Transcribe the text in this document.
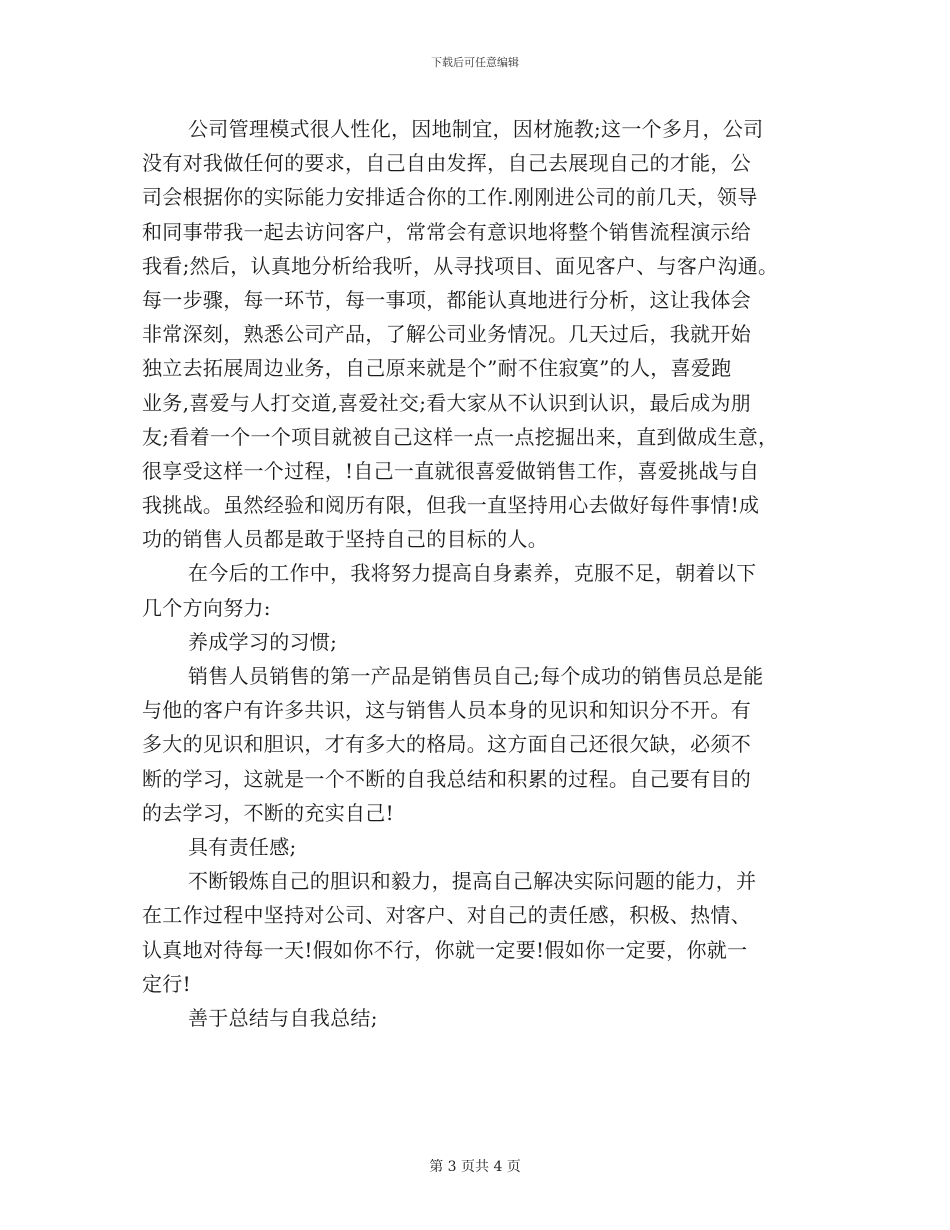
下载后可任意编辑
公司管理模式很人性化，因地制宜，因材施教;这一个多月，公司
没有对我做任何的要求，自己自由发挥，自己去展现自己的才能，公
司会根据你的实际能力安排适合你的工作.刚刚进公司的前几天，领导
和同事带我一起去访问客户，常常会有意识地将整个销售流程演示给
我看;然后，认真地分析给我听，从寻找项目、面见客户、与客户沟通。
每一步骤，每一环节，每一事项，都能认真地进行分析，这让我体会
非常深刻，熟悉公司产品，了解公司业务情况。几天过后，我就开始
独立去拓展周边业务，自己原来就是个”耐不住寂寞”的人，喜爱跑
业务,喜爱与人打交道,喜爱社交;看大家从不认识到认识，最后成为朋
友;看着一个一个项目就被自己这样一点一点挖掘出来，直到做成生意，
很享受这样一个过程，!自己一直就很喜爱做销售工作，喜爱挑战与自
我挑战。虽然经验和阅历有限，但我一直坚持用心去做好每件事情!成
功的销售人员都是敢于坚持自己的目标的人。
在今后的工作中，我将努力提高自身素养，克服不足，朝着以下
几个方向努力:
养成学习的习惯;
销售人员销售的第一产品是销售员自己;每个成功的销售员总是能
与他的客户有许多共识，这与销售人员本身的见识和知识分不开。有
多大的见识和胆识，才有多大的格局。这方面自己还很欠缺，必须不
断的学习，这就是一个不断的自我总结和积累的过程。自己要有目的
的去学习，不断的充实自己!
具有责任感;
不断锻炼自己的胆识和毅力，提高自己解决实际问题的能力，并
在工作过程中坚持对公司、对客户、对自己的责任感，积极、热情、
认真地对待每一天!假如你不行，你就一定要!假如你一定要，你就一
定行!
善于总结与自我总结;
第 3 页共 4 页
